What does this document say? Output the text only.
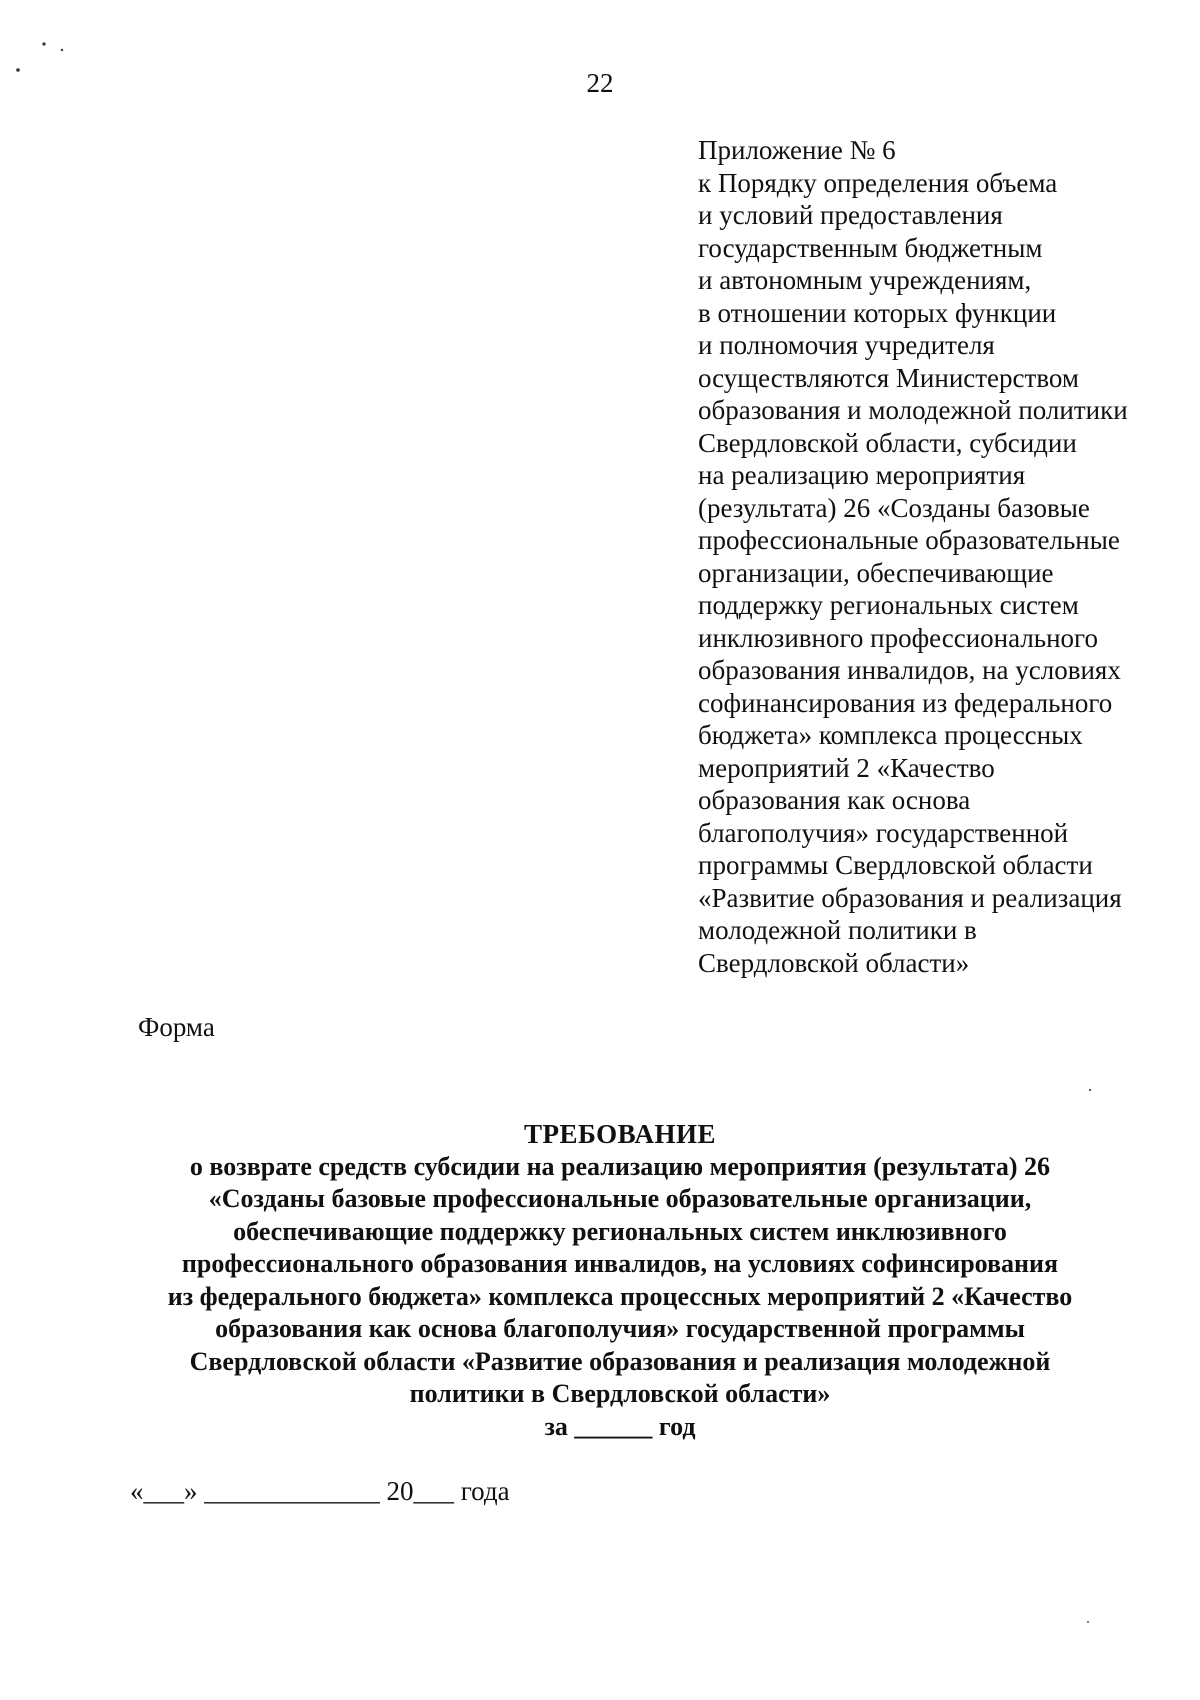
22

Приложение № 6
к Порядку определения объема
и условий предоставления
государственным бюджетным
и автономным учреждениям,
в отношении которых функции
и полномочия учредителя
осуществляются Министерством
образования и молодежной политики
Свердловской области, субсидии
на реализацию мероприятия
(результата) 26 «Созданы базовые
профессиональные образовательные
организации, обеспечивающие
поддержку региональных систем
инклюзивного профессионального
образования инвалидов, на условиях
софинансирования из федерального
бюджета» комплекса процессных
мероприятий 2 «Качество
образования как основа
благополучия» государственной
программы Свердловской области
«Развитие образования и реализация
молодежной политики в
Свердловской области»

Форма

ТРЕБОВАНИЕ
о возврате средств субсидии на реализацию мероприятия (результата) 26
«Созданы базовые профессиональные образовательные организации,
обеспечивающие поддержку региональных систем инклюзивного
профессионального образования инвалидов, на условиях софинсирования
из федерального бюджета» комплекса процессных мероприятий 2 «Качество
образования как основа благополучия» государственной программы
Свердловской области «Развитие образования и реализация молодежной
политики в Свердловской области»

за ______ год

«___» _____________ 20___ года
